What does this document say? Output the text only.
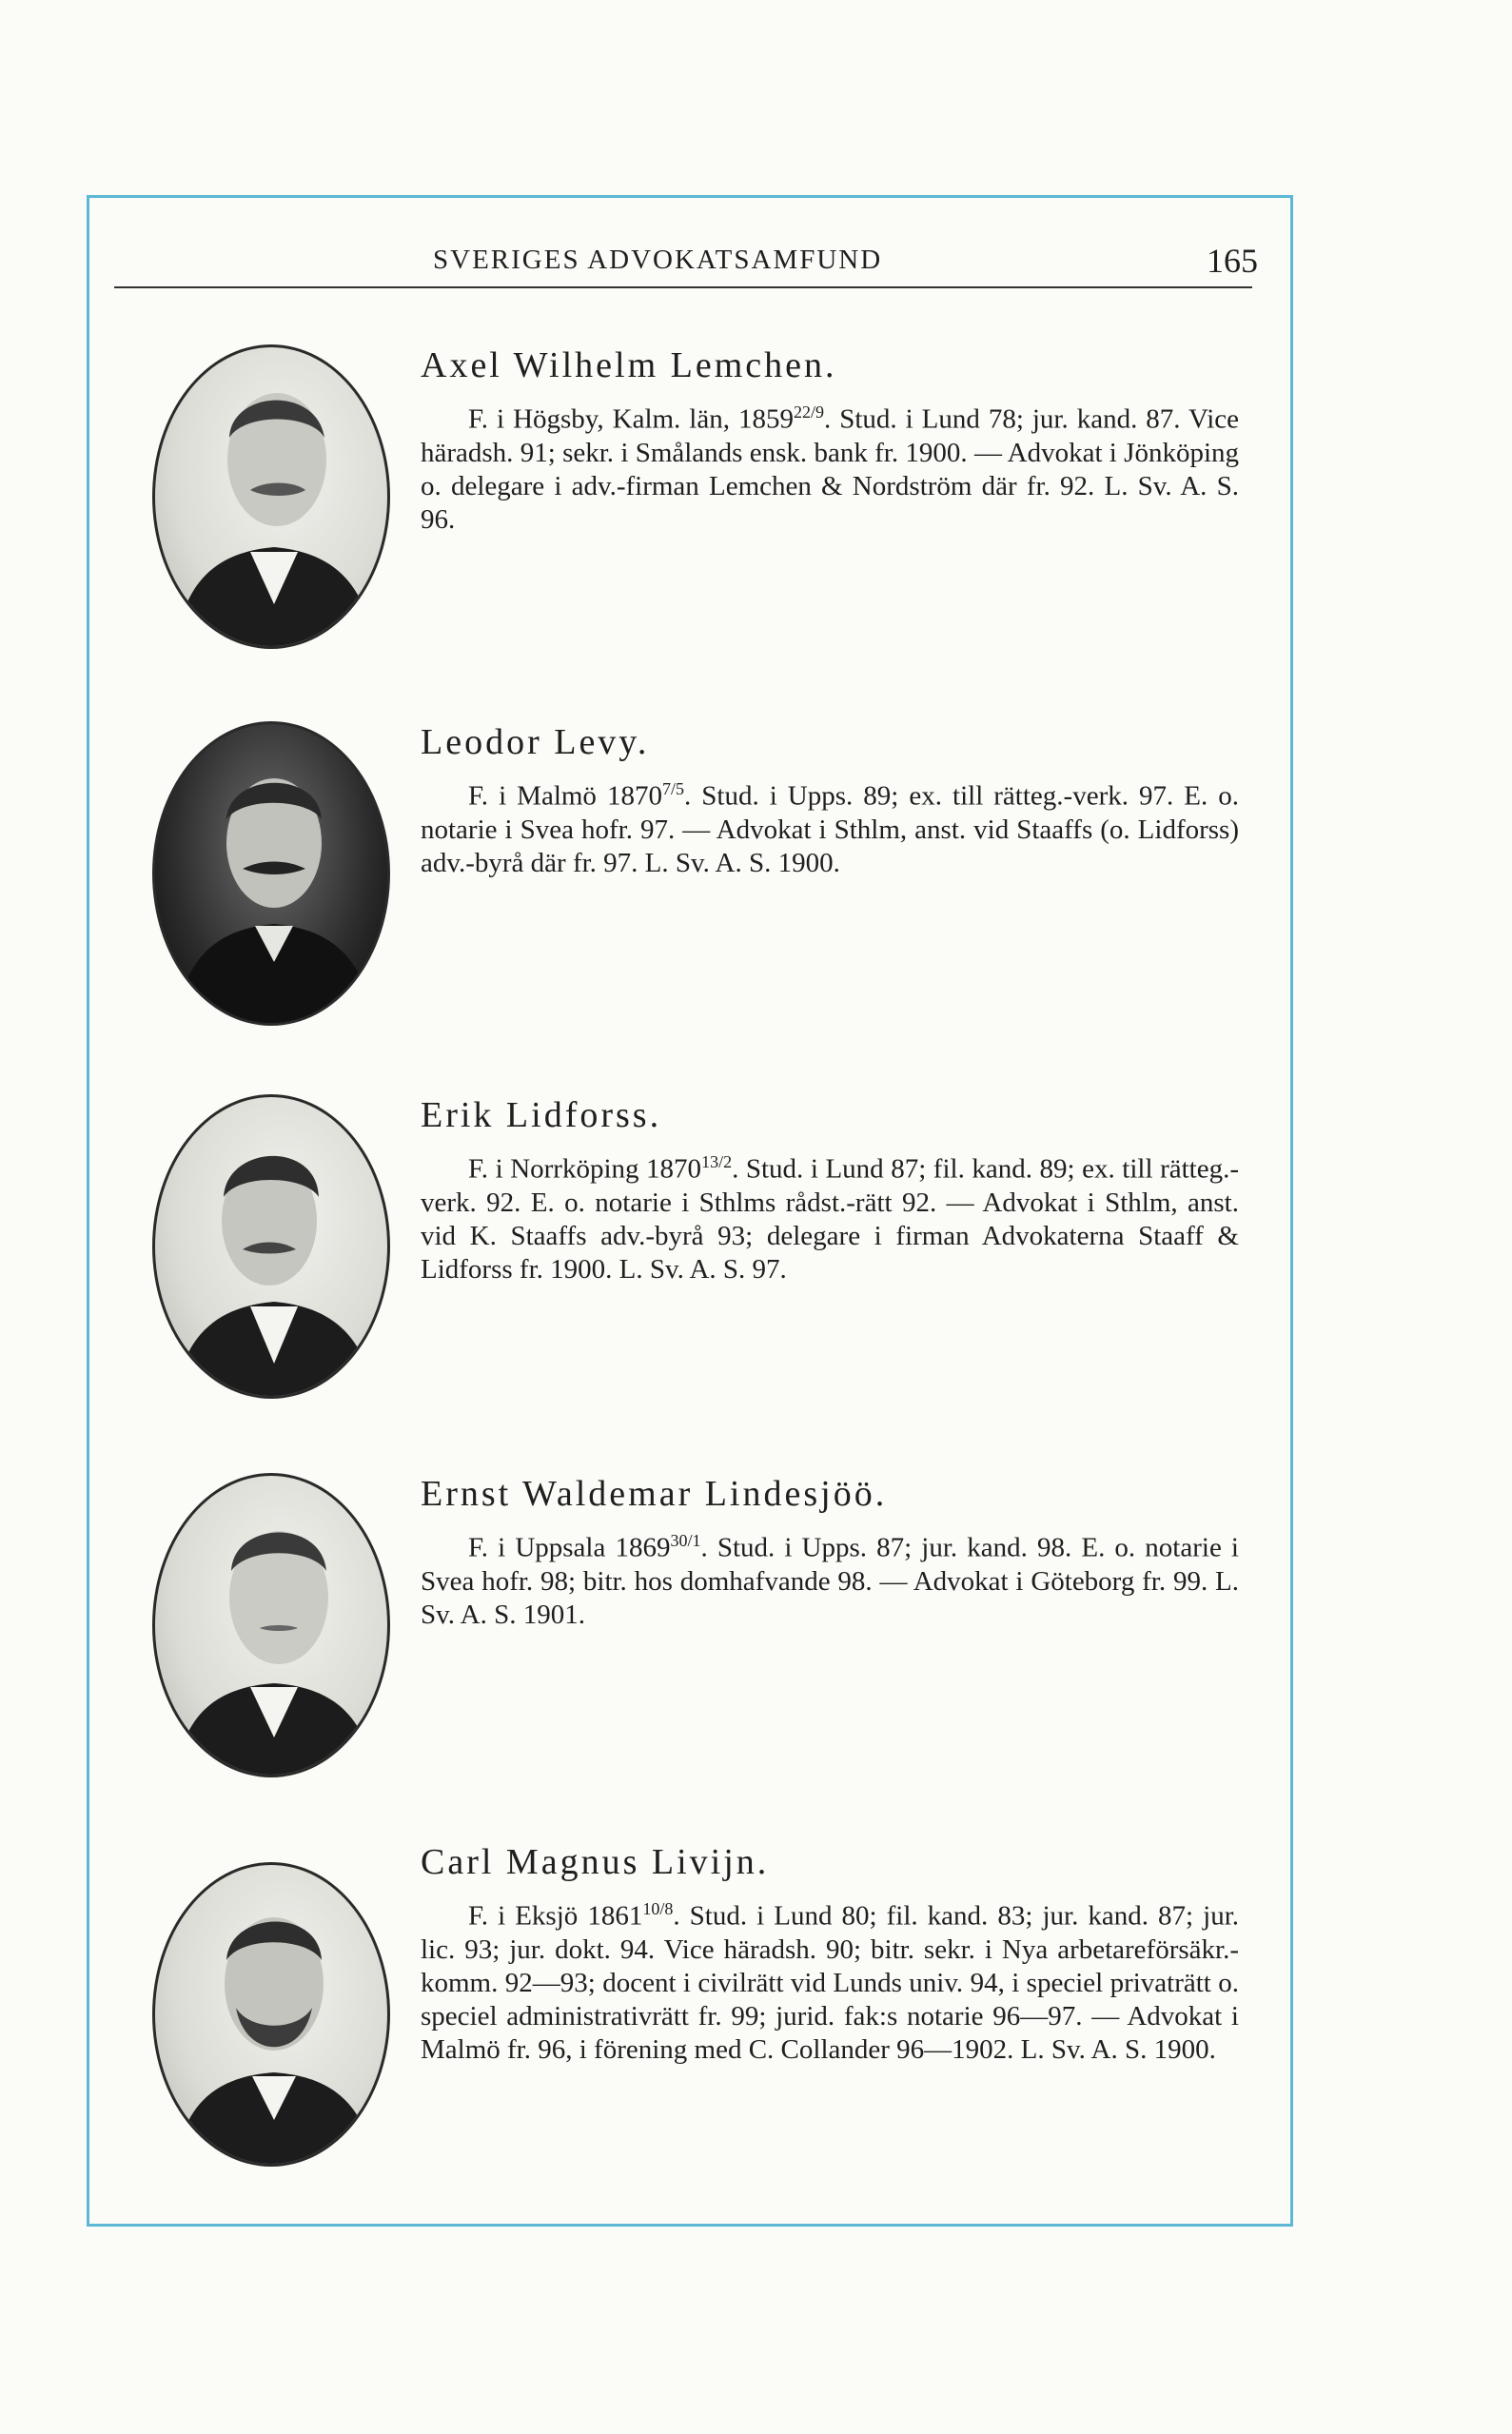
SVERIGES ADVOKATSAMFUND	165
Axel Wilhelm Lemchen.

F. i Högsby, Kalm. län, $1859^{22/9}$. Stud. i Lund 78; jur. kand. 87. Vice häradsh. 91; sekr. i Smålands ensk. bank fr. 1900. — Advokat i Jönköping o. delegare i adv.-firman Lemchen & Nordström där fr. 92. L. Sv. A. S. 96.

Leodor Levy.

F. i Malmö $1870^{7/5}$. Stud. i Upps. 89; ex. till rätteg.-verk. 97. E. o. notarie i Svea hofr. 97. — Advokat i Sthlm, anst. vid Staaffs (o. Lidforss) adv.-byrå där fr. 97. L. Sv. A. S. 1900.

Erik Lidforss.

F. i Norrköping $1870^{13/2}$. Stud. i Lund 87; fil. kand. 89; ex. till rätteg.-verk. 92. E. o. notarie i Sthlms rådst.-rätt 92. — Advokat i Sthlm, anst. vid K. Staaffs adv.-byrå 93; delegare i firman Advokaterna Staaff & Lidforss fr. 1900. L. Sv. A. S. 97.

Ernst Waldemar Lindesjöö.

F. i Uppsala $1869^{30/1}$. Stud. i Upps. 87; jur. kand. 98. E. o. notarie i Svea hofr. 98; bitr. hos domhafvande 98. — Advokat i Göteborg fr. 99. L. Sv. A. S. 1901.

Carl Magnus Livijn.

F. i Eksjö $1861^{10/8}$. Stud. i Lund 80; fil. kand. 83; jur. kand. 87; jur. lic. 93; jur. dokt. 94. Vice häradsh. 90; bitr. sekr. i Nya arbetareförsäkr.-komm. 92—93; docent i civilrätt vid Lunds univ. 94, i speciel privaträtt o. speciel administrativrätt fr. 99; jurid. fak:s notarie 96—97. — Advokat i Malmö fr. 96, i förening med C. Collander 96—1902. L. Sv. A. S. 1900.
